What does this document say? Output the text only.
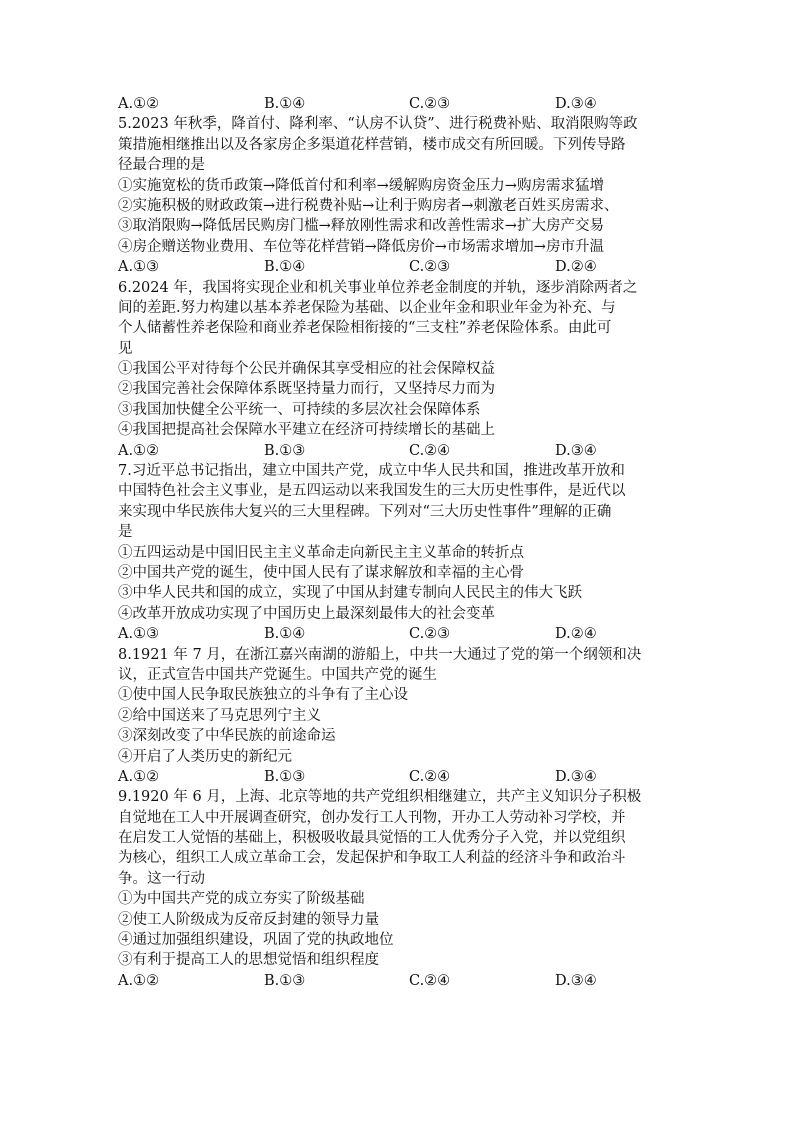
A.①②	B.①④	C.②③	D.③④
5.2023 年秋季，降首付、降利率、“认房不认贷”、进行税费补贴、取消限购等政
策措施相继推出以及各家房企多渠道花样营销，楼市成交有所回暖。下列传导路
径最合理的是
①实施宽松的货币政策→降低首付和利率→缓解购房资金压力→购房需求猛增
②实施积极的财政政策→进行税费补贴→让利于购房者→刺激老百姓买房需求、
③取消限购→降低居民购房门槛→释放刚性需求和改善性需求→扩大房产交易
④房企赠送物业费用、车位等花样营销→降低房价→市场需求增加→房市升温
A.①③	B.①④	C.②③	D.②④
6.2024 年，我国将实现企业和机关事业单位养老金制度的并轨，逐步消除两者之
间的差距.努力构建以基本养老保险为基础、以企业年金和职业年金为补充、与
个人储蓄性养老保险和商业养老保险相衔接的“三支柱”养老保险体系。由此可
见
①我国公平对待每个公民并确保其享受相应的社会保障权益
②我国完善社会保障体系既坚持量力而行，又坚持尽力而为
③我国加快健全公平统一、可持续的多层次社会保障体系
④我国把提高社会保障水平建立在经济可持续增长的基础上
A.①②	B.①③	C.②④	D.③④
7.习近平总书记指出，建立中国共产党，成立中华人民共和国，推进改革开放和
中国特色社会主义事业，是五四运动以来我国发生的三大历史性事件，是近代以
来实现中华民族伟大复兴的三大里程碑。下列对“三大历史性事件”理解的正确
是
①五四运动是中国旧民主主义革命走向新民主主义革命的转折点
②中国共产党的诞生，使中国人民有了谋求解放和幸福的主心骨
③中华人民共和国的成立，实现了中国从封建专制向人民民主的伟大飞跃
④改革开放成功实现了中国历史上最深刻最伟大的社会变革
A.①③	B.①④	C.②③	D.②④
8.1921 年 7 月，在浙江嘉兴南湖的游船上，中共一大通过了党的第一个纲领和决
议，正式宣告中国共产党诞生。中国共产党的诞生
①使中国人民争取民族独立的斗争有了主心设
②给中国送来了马克思列宁主义
③深刻改变了中华民族的前途命运
④开启了人类历史的新纪元
A.①②	B.①③	C.②④	D.③④
9.1920 年 6 月，上海、北京等地的共产党组织相继建立，共产主义知识分子积极
自觉地在工人中开展调查研究，创办发行工人刊物，开办工人劳动补习学校，并
在启发工人觉悟的基础上，积极吸收最具觉悟的工人优秀分子入党，并以党组织
为核心，组织工人成立革命工会，发起保护和争取工人利益的经济斗争和政治斗
争。这一行动
①为中国共产党的成立夯实了阶级基础
②使工人阶级成为反帝反封建的领导力量
④通过加强组织建设，巩固了党的执政地位
③有利于提高工人的思想觉悟和组织程度
A.①②	B.①③	C.②④	D.③④
